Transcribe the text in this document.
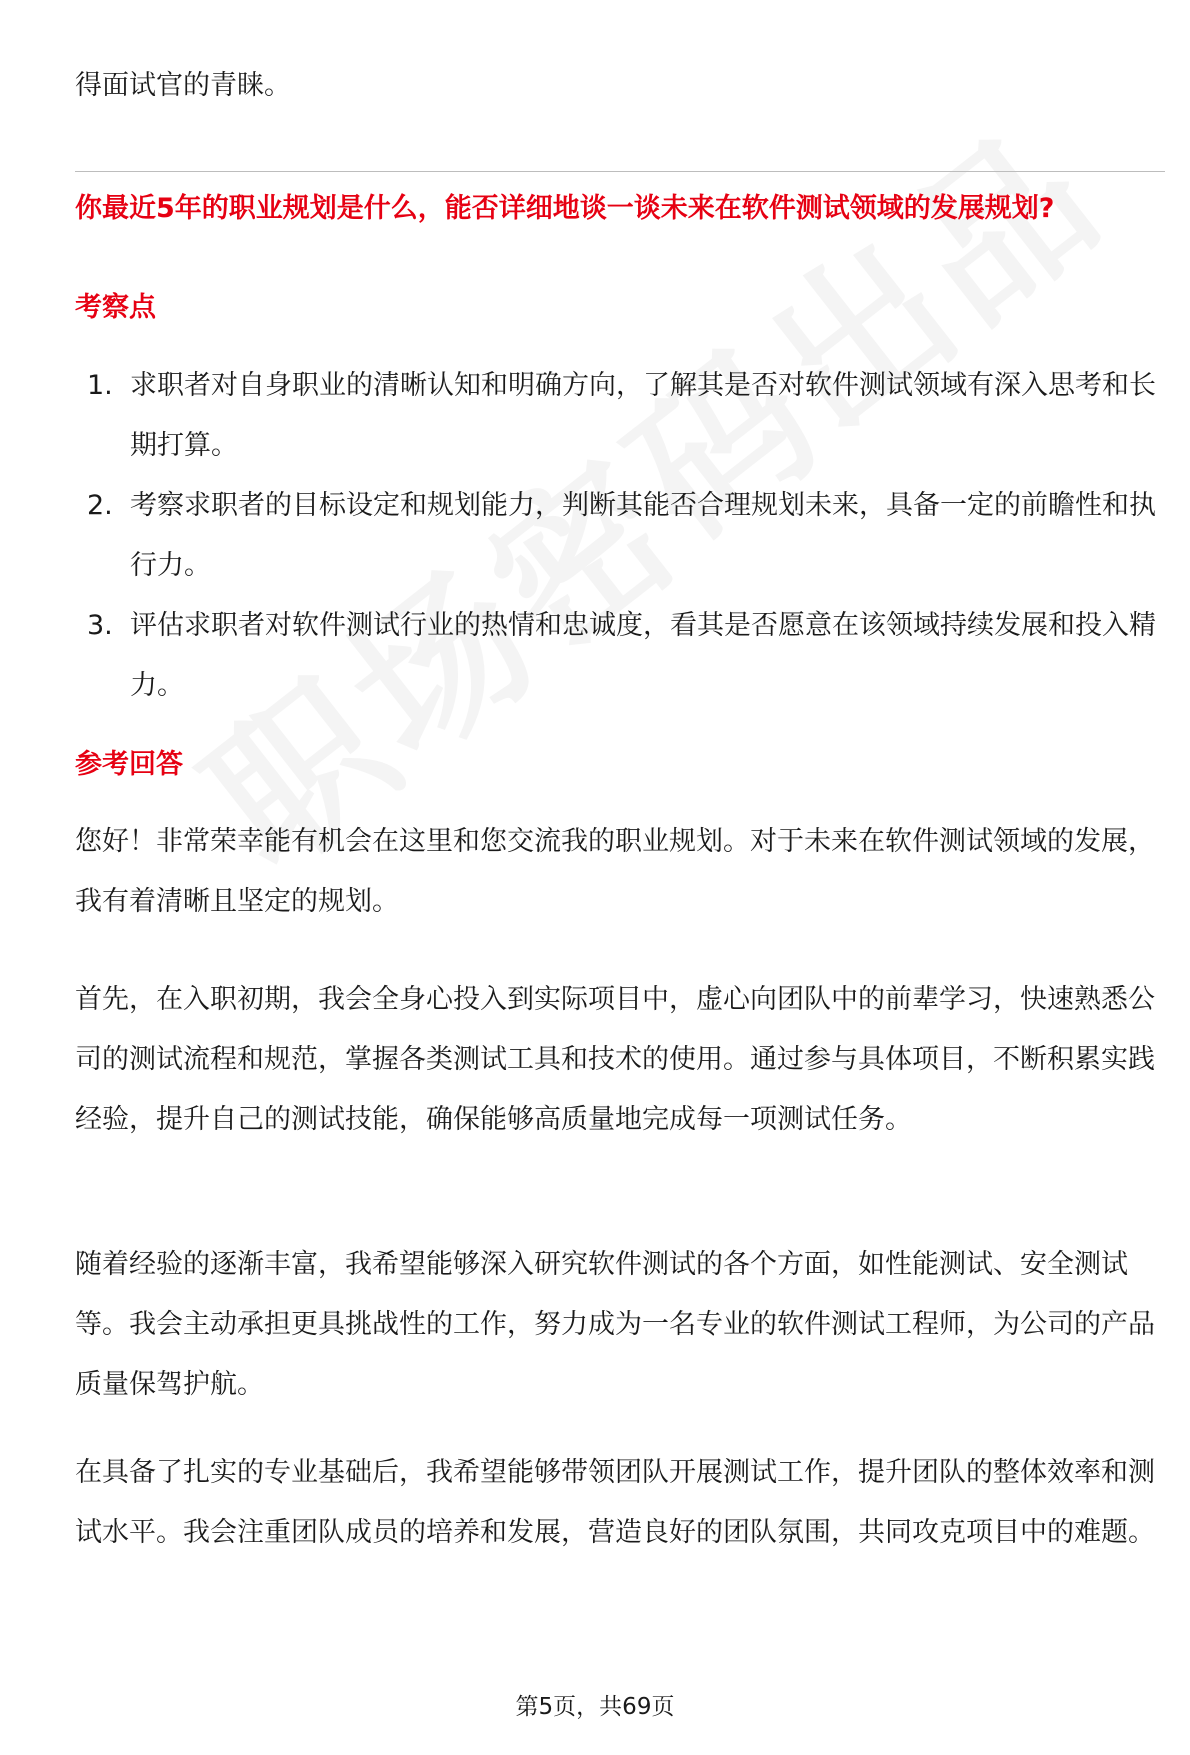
得面试官的青睐。
你最近5年的职业规划是什么，能否详细地谈一谈未来在软件测试领域的发展规划?
考察点
1. 求职者对自身职业的清晰认知和明确方向，了解其是否对软件测试领域有深入思考和长期打算。
2. 考察求职者的目标设定和规划能力，判断其能否合理规划未来，具备一定的前瞻性和执行力。
3. 评估求职者对软件测试行业的热情和忠诚度，看其是否愿意在该领域持续发展和投入精力。
参考回答
您好！非常荣幸能有机会在这里和您交流我的职业规划。对于未来在软件测试领域的发展，我有着清晰且坚定的规划。
首先，在入职初期，我会全身心投入到实际项目中，虚心向团队中的前辈学习，快速熟悉公司的测试流程和规范，掌握各类测试工具和技术的使用。通过参与具体项目，不断积累实践经验，提升自己的测试技能，确保能够高质量地完成每一项测试任务。
随着经验的逐渐丰富，我希望能够深入研究软件测试的各个方面，如性能测试、安全测试等。我会主动承担更具挑战性的工作，努力成为一名专业的软件测试工程师，为公司的产品质量保驾护航。
在具备了扎实的专业基础后，我希望能够带领团队开展测试工作，提升团队的整体效率和测试水平。我会注重团队成员的培养和发展，营造良好的团队氛围，共同攻克项目中的难题。
第5页，共69页
